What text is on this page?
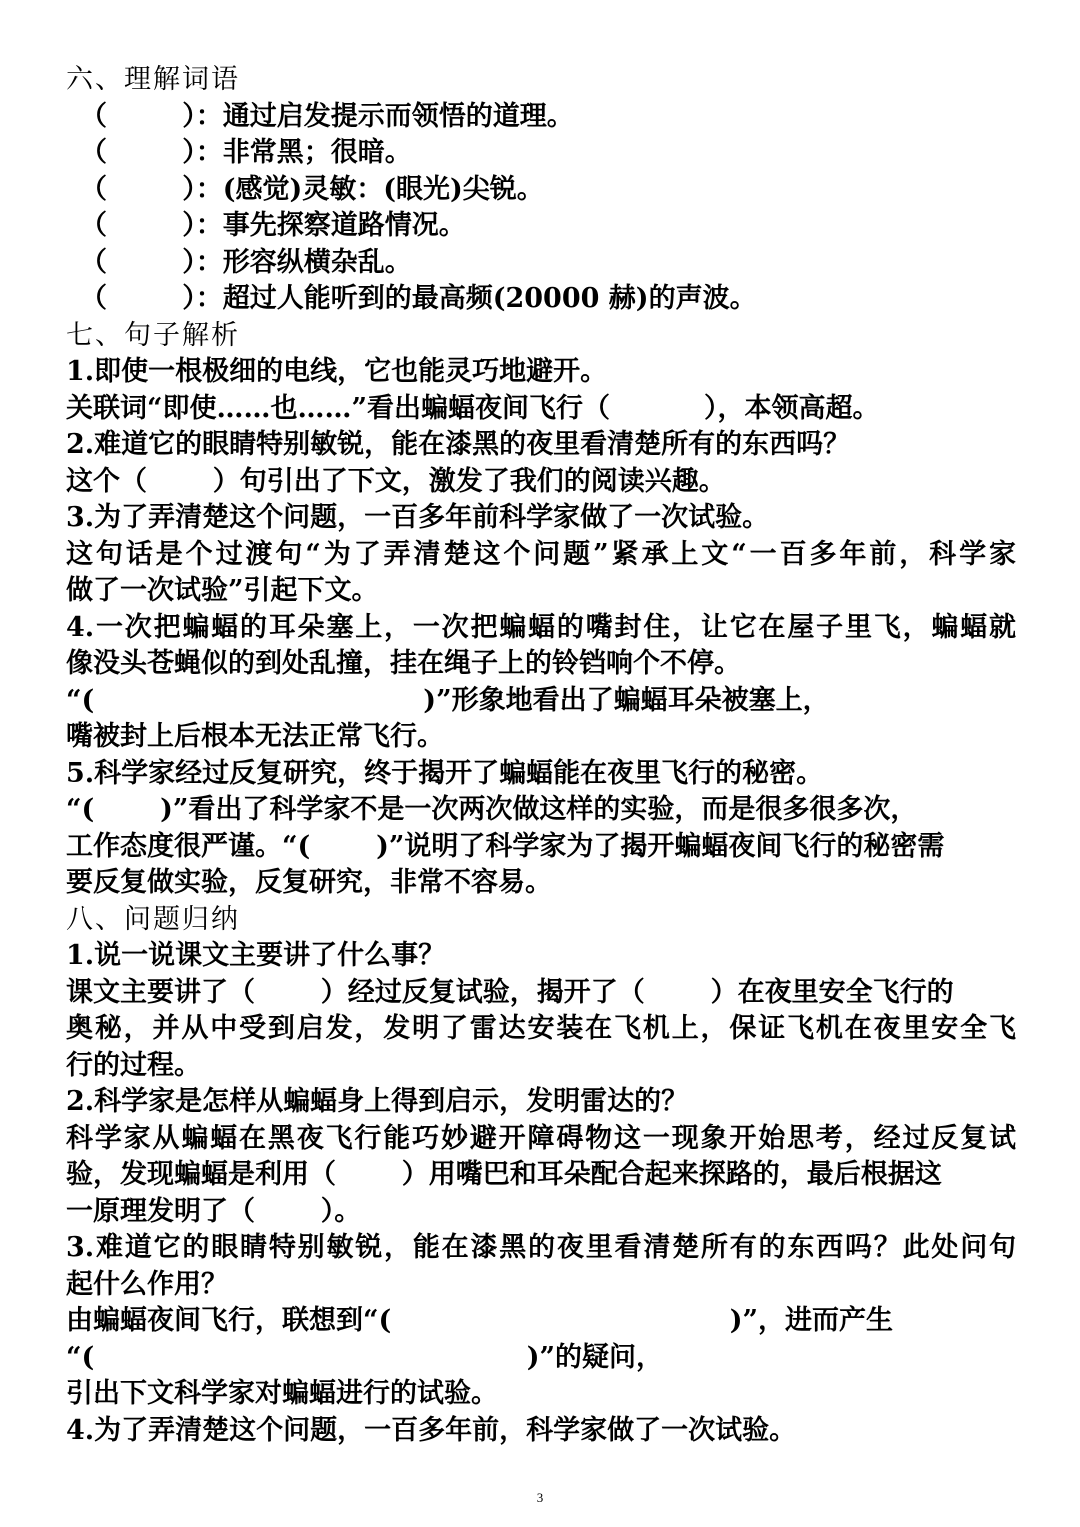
六、理解词语
（        ）：通过启发提示而领悟的道理。
（        ）：非常黑；很暗。
（        ）：(感觉)灵敏：(眼光)尖锐。
（        ）：事先探察道路情况。
（        ）：形容纵横杂乱。
（        ）：超过人能听到的最高频(20000 赫)的声波。
七、句子解析
1.即使一根极细的电线，它也能灵巧地避开。
关联词“即使……也……”看出蝙蝠夜间飞行（          ），本领高超。
2.难道它的眼睛特别敏锐，能在漆黑的夜里看清楚所有的东西吗？
这个（       ）句引出了下文，激发了我们的阅读兴趣。
3.为了弄清楚这个问题，一百多年前科学家做了一次试验。
这句话是个过渡句“为了弄清楚这个问题”紧承上文“一百多年前，科学家
做了一次试验”引起下文。
4.一次把蝙蝠的耳朵塞上，一次把蝙蝠的嘴封住，让它在屋子里飞，蝙蝠就
像没头苍蝇似的到处乱撞，挂在绳子上的铃铛响个不停。
“(                                   )”形象地看出了蝙蝠耳朵被塞上，
嘴被封上后根本无法正常飞行。
5.科学家经过反复研究，终于揭开了蝙蝠能在夜里飞行的秘密。
“(       )”看出了科学家不是一次两次做这样的实验，而是很多很多次，
工作态度很严谨。“(       )”说明了科学家为了揭开蝙蝠夜间飞行的秘密需
要反复做实验，反复研究，非常不容易。
八、问题归纳
1.说一说课文主要讲了什么事？
课文主要讲了（       ）经过反复试验，揭开了（       ）在夜里安全飞行的
奥秘，并从中受到启发，发明了雷达安装在飞机上，保证飞机在夜里安全飞
行的过程。
2.科学家是怎样从蝙蝠身上得到启示，发明雷达的？
科学家从蝙蝠在黑夜飞行能巧妙避开障碍物这一现象开始思考，经过反复试
验，发现蝙蝠是利用（       ）用嘴巴和耳朵配合起来探路的，最后根据这
一原理发明了（       ）。
3.难道它的眼睛特别敏锐，能在漆黑的夜里看清楚所有的东西吗？此处问句
起什么作用？
由蝙蝠夜间飞行，联想到“(                                    )”，进而产生
“(                                              )”的疑问，
引出下文科学家对蝙蝠进行的试验。
4.为了弄清楚这个问题，一百多年前，科学家做了一次试验。
3
